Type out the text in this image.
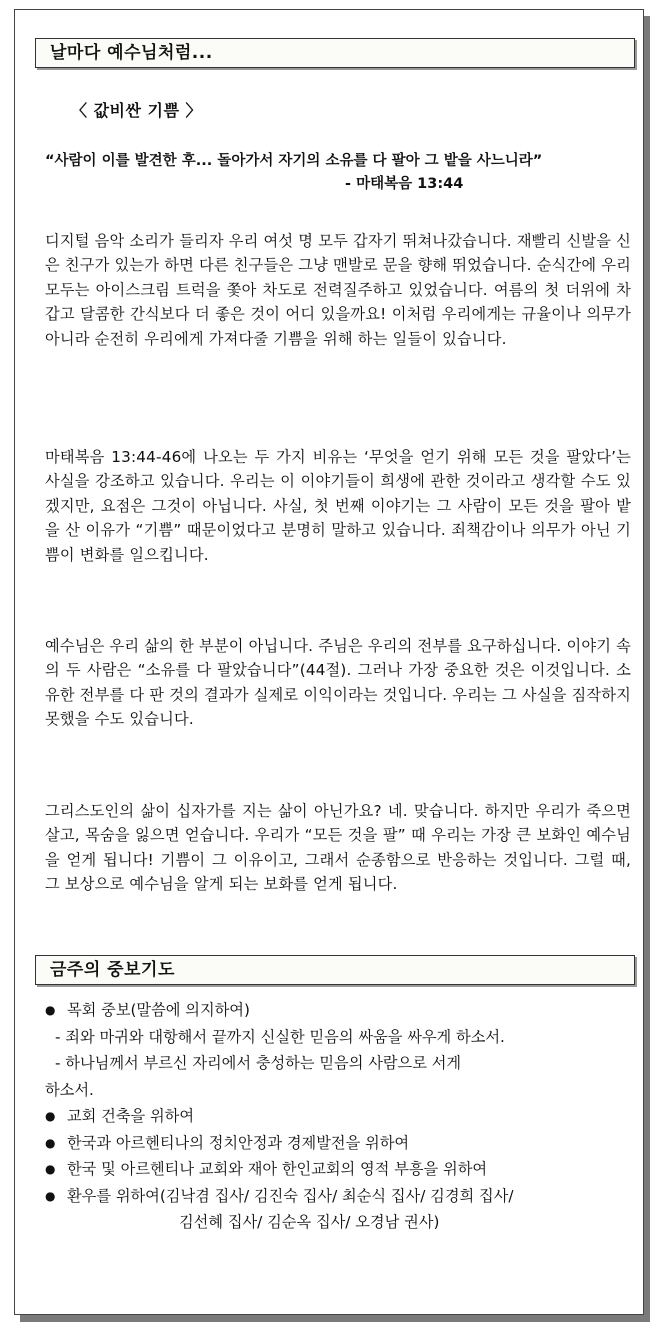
날마다 예수님처럼...
〈 값비싼 기쁨 〉
“사람이 이를 발견한 후... 돌아가서 자기의 소유를 다 팔아 그 밭을 사느니라”
- 마태복음 13:44
디지털 음악 소리가 들리자 우리 여섯 명 모두 갑자기 뛰쳐나갔습니다. 재빨리 신발을 신은 친구가 있는가 하면 다른 친구들은 그냥 맨발로 문을 향해 뛰었습니다. 순식간에 우리 모두는 아이스크림 트럭을 쫓아 차도로 전력질주하고 있었습니다. 여름의 첫 더위에 차갑고 달콤한 간식보다 더 좋은 것이 어디 있을까요! 이처럼 우리에게는 규율이나 의무가 아니라 순전히 우리에게 가져다줄 기쁨을 위해 하는 일들이 있습니다.
마태복음 13:44-46에 나오는 두 가지 비유는 ‘무엇을 얻기 위해 모든 것을 팔았다’는 사실을 강조하고 있습니다. 우리는 이 이야기들이 희생에 관한 것이라고 생각할 수도 있겠지만, 요점은 그것이 아닙니다. 사실, 첫 번째 이야기는 그 사람이 모든 것을 팔아 밭을 산 이유가 “기쁨” 때문이었다고 분명히 말하고 있습니다. 죄책감이나 의무가 아닌 기쁨이 변화를 일으킵니다.
예수님은 우리 삶의 한 부분이 아닙니다. 주님은 우리의 전부를 요구하십니다. 이야기 속의 두 사람은 “소유를 다 팔았습니다”(44절). 그러나 가장 중요한 것은 이것입니다. 소유한 전부를 다 판 것의 결과가 실제로 이익이라는 것입니다. 우리는 그 사실을 짐작하지 못했을 수도 있습니다.
그리스도인의 삶이 십자가를 지는 삶이 아닌가요? 네. 맞습니다. 하지만 우리가 죽으면 살고, 목숨을 잃으면 얻습니다. 우리가 “모든 것을 팔” 때 우리는 가장 큰 보화인 예수님을 얻게 됩니다! 기쁨이 그 이유이고, 그래서 순종함으로 반응하는 것입니다. 그럴 때, 그 보상으로 예수님을 알게 되는 보화를 얻게 됩니다.
금주의 중보기도
● 목회 중보(말씀에 의지하여)
- 죄와 마귀와 대항해서 끝까지 신실한 믿음의 싸움을 싸우게 하소서.
- 하나님께서 부르신 자리에서 충성하는 믿음의 사람으로 서게
하소서.
● 교회 건축을 위하여
● 한국과 아르헨티나의 정치안정과 경제발전을 위하여
● 한국 및 아르헨티나 교회와 재아 한인교회의 영적 부흥을 위하여
● 환우를 위하여(김낙겸 집사/ 김진숙 집사/ 최순식 집사/ 김경희 집사/
김선혜 집사/ 김순옥 집사/ 오경남 권사)
